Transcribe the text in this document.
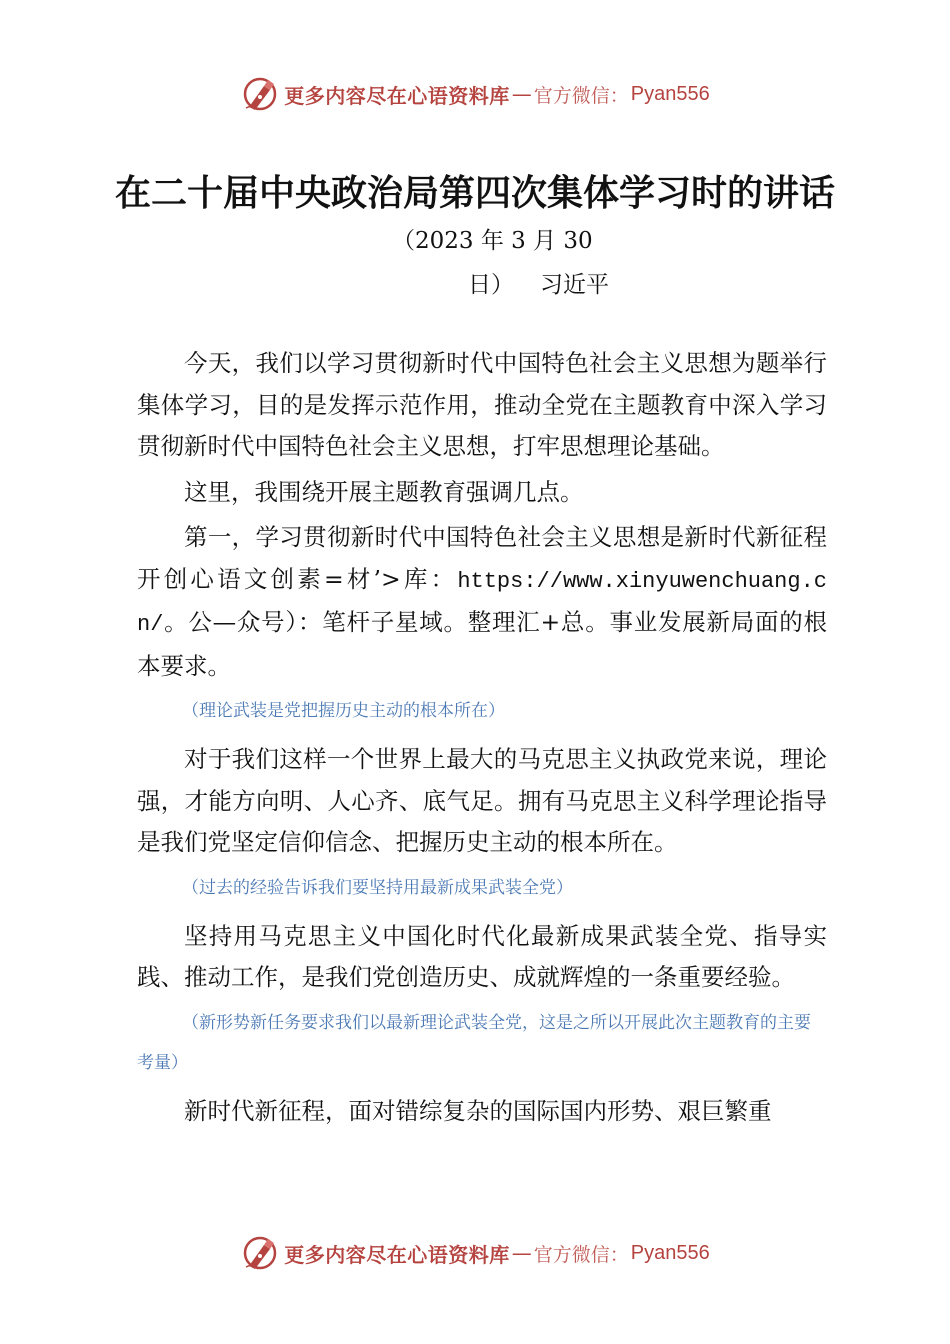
更多内容尽在心语资料库 — 官方微信： Pyan556
在二十届中央政治局第四次集体学习时的讲话
（2023 年 3 月 30
日） 习近平

今天，我们以学习贯彻新时代中国特色社会主义思想为题举行集体学习，目的是发挥示范作用，推动全党在主题教育中深入学习贯彻新时代中国特色社会主义思想，打牢思想理论基础。

这里，我围绕开展主题教育强调几点。

第一，学习贯彻新时代中国特色社会主义思想是新时代新征程开创心语文创素=材’>库：https://www.xinyuwenchuang.cn/。公—众号）：笔杆子星域。整理汇+总。事业发展新局面的根本要求。

（理论武装是党把握历史主动的根本所在）

对于我们这样一个世界上最大的马克思主义执政党来说，理论强，才能方向明、人心齐、底气足。拥有马克思主义科学理论指导是我们党坚定信仰信念、把握历史主动的根本所在。

（过去的经验告诉我们要坚持用最新成果武装全党）

坚持用马克思主义中国化时代化最新成果武装全党、指导实践、推动工作，是我们党创造历史、成就辉煌的一条重要经验。

（新形势新任务要求我们以最新理论武装全党，这是之所以开展此次主题教育的主要考量）

新时代新征程，面对错综复杂的国际国内形势、艰巨繁重

更多内容尽在心语资料库 — 官方微信： Pyan556
